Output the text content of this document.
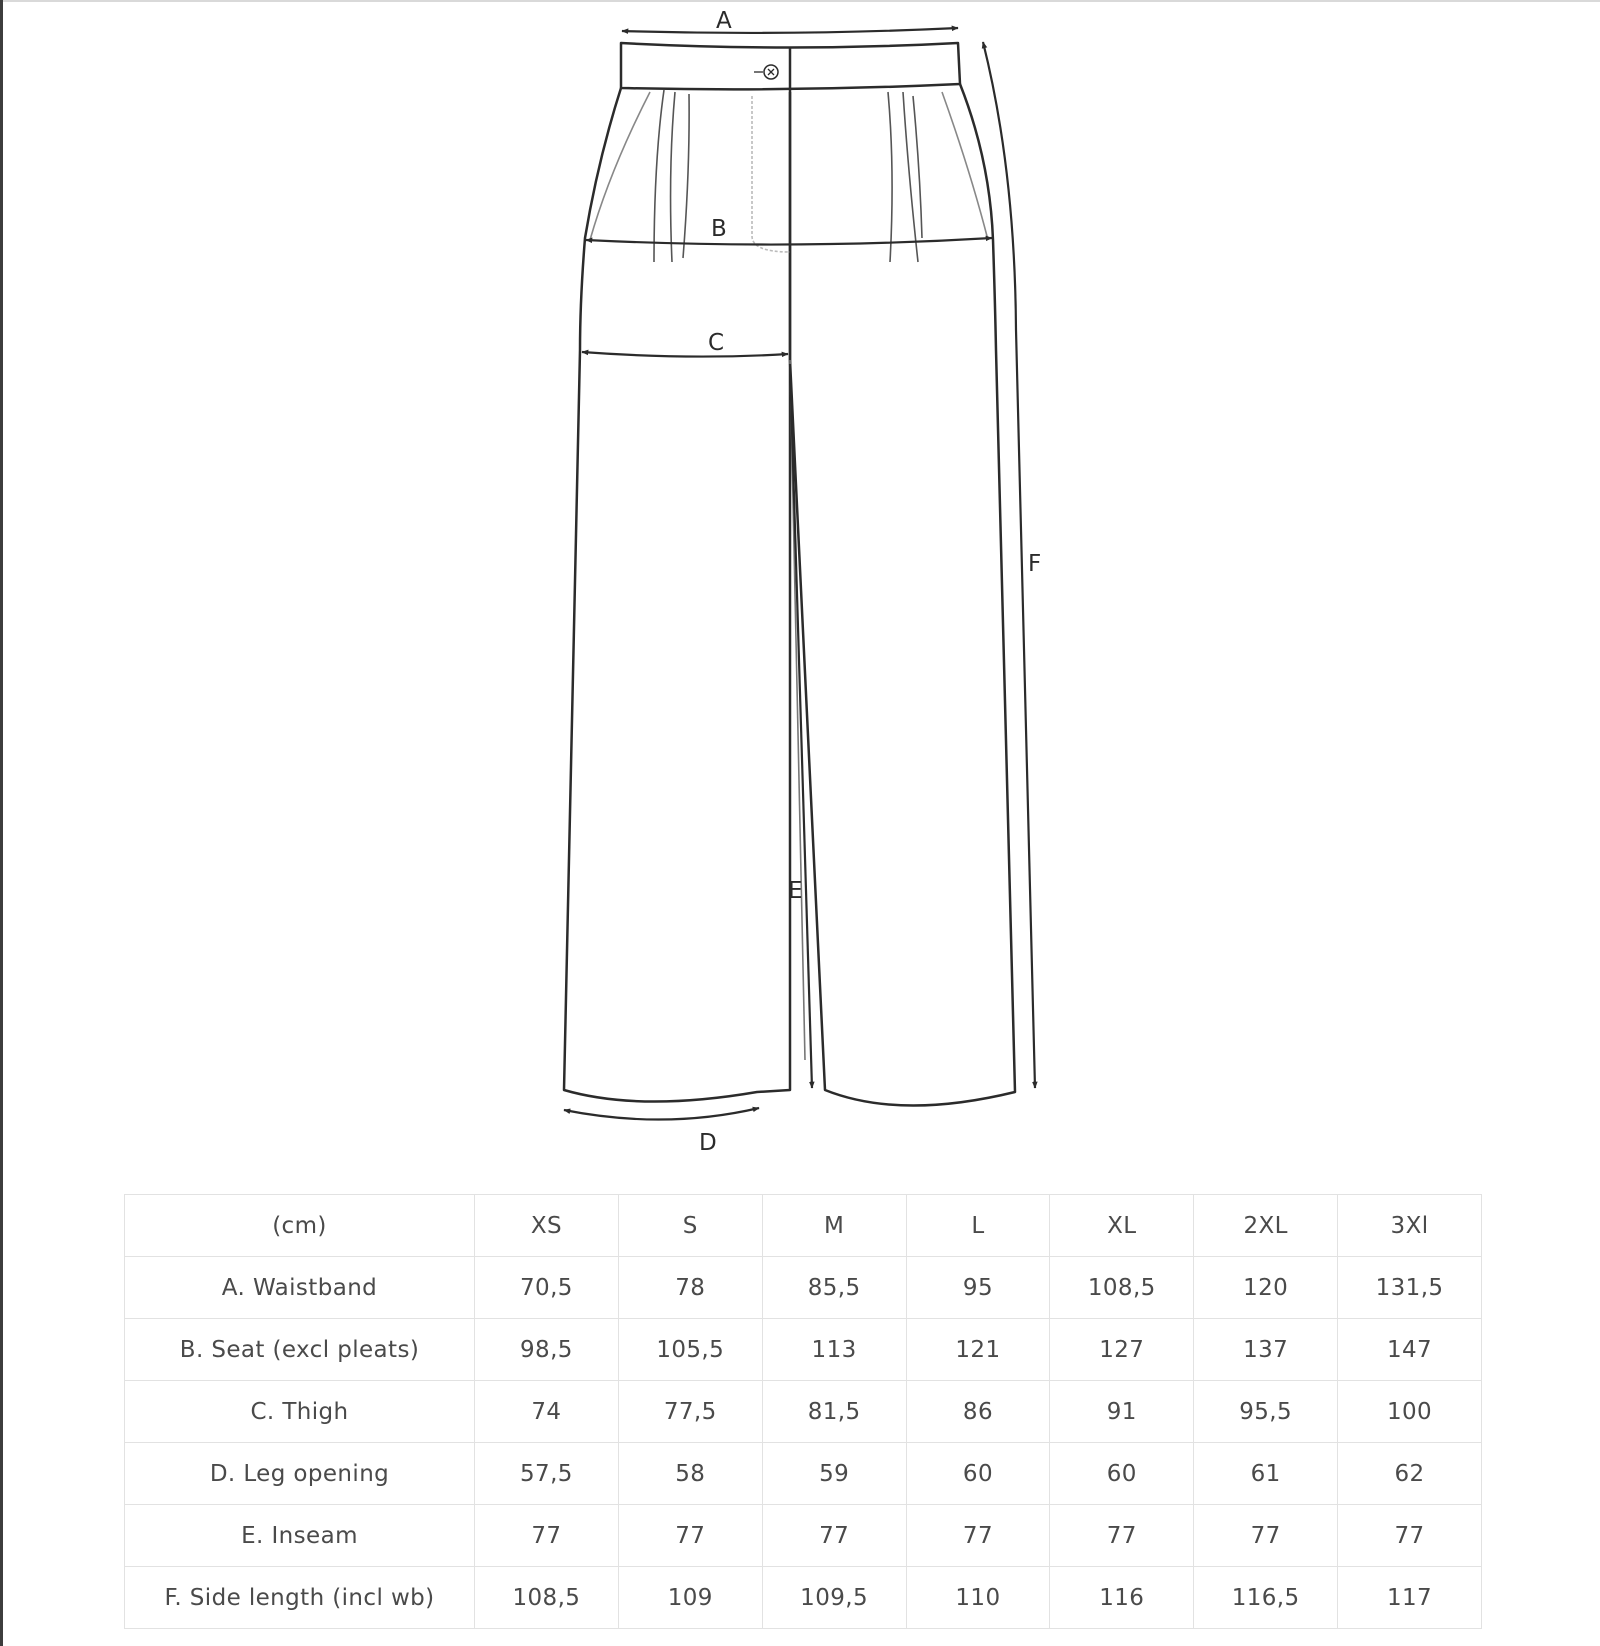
A
B
C
D
E
F
(cm)	XS	S	M	L	XL	2XL	3Xl
A. Waistband	70,5	78	85,5	95	108,5	120	131,5
B. Seat (excl pleats)	98,5	105,5	113	121	127	137	147
C. Thigh	74	77,5	81,5	86	91	95,5	100
D. Leg opening	57,5	58	59	60	60	61	62
E. Inseam	77	77	77	77	77	77	77
F. Side length (incl wb)	108,5	109	109,5	110	116	116,5	117
